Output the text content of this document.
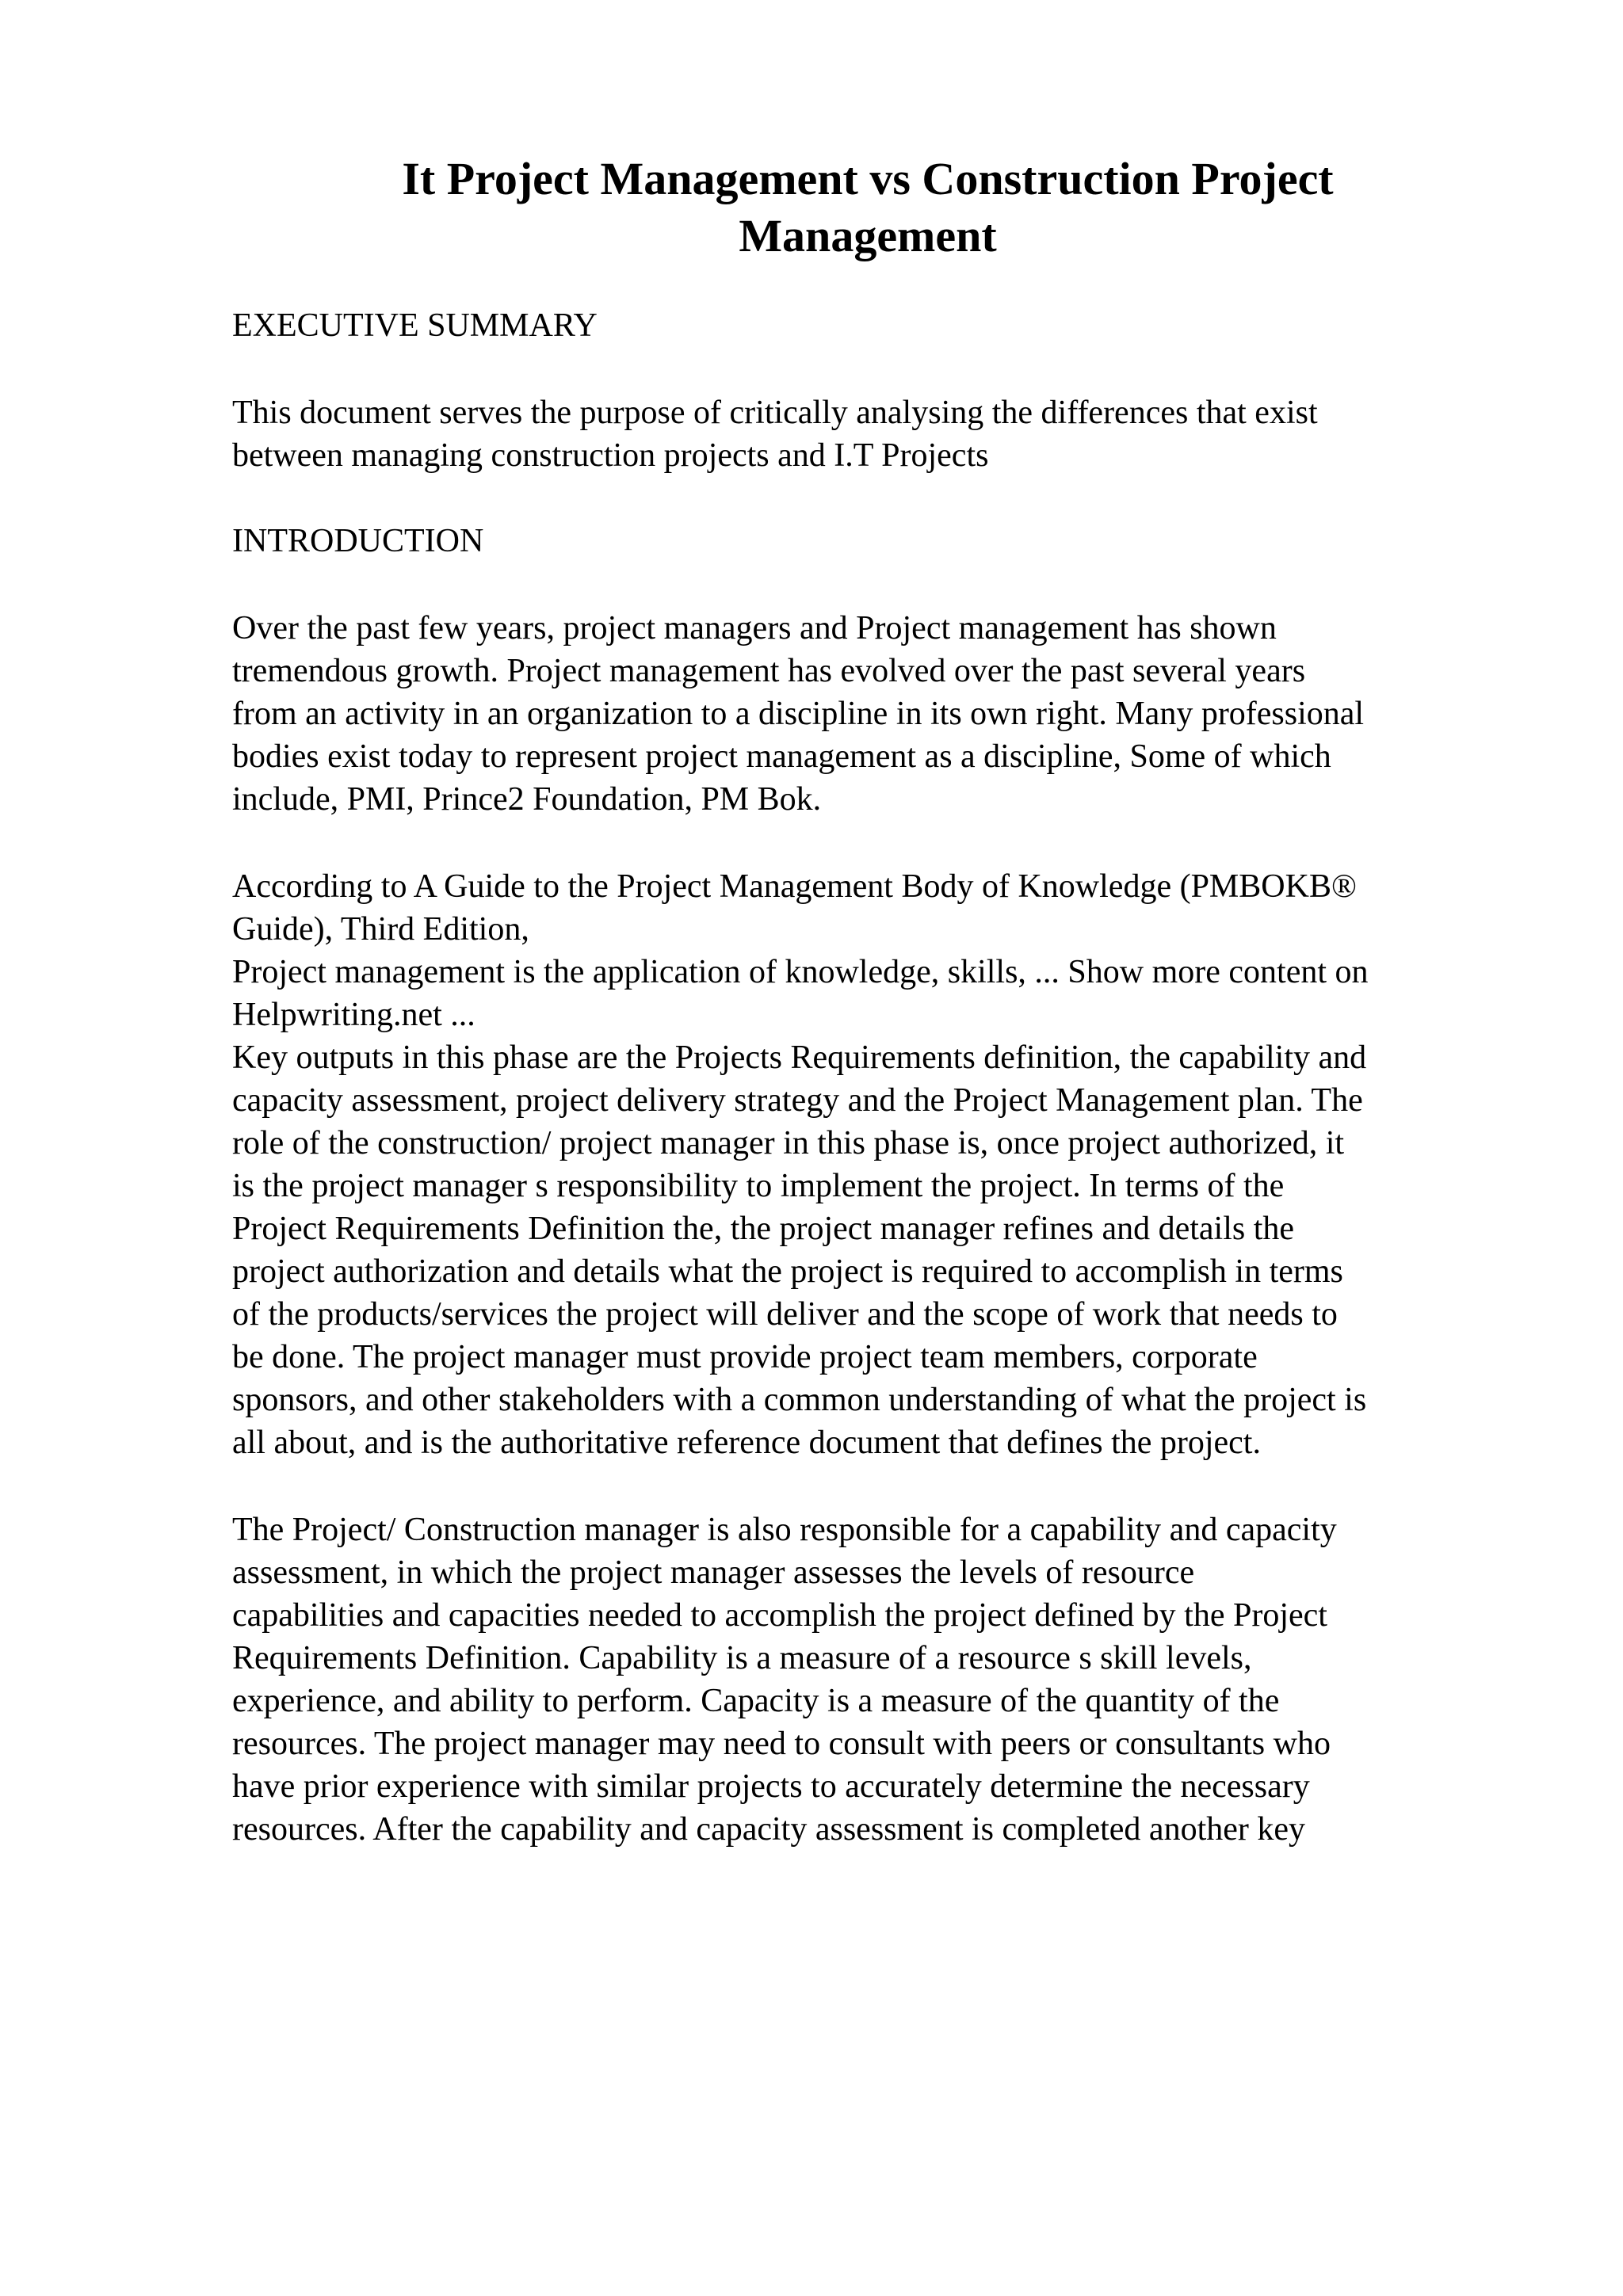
It Project Management vs Construction Project
Management

EXECUTIVE SUMMARY

This document serves the purpose of critically analysing the differences that exist

between managing construction projects and I.T Projects

INTRODUCTION

Over the past few years, project managers and Project management has shown

tremendous growth. Project management has evolved over the past several years

from an activity in an organization to a discipline in its own right. Many professional

bodies exist today to represent project management as a discipline, Some of which

include, PMI, Prince2 Foundation, PM Bok.

According to A Guide to the Project Management Body of Knowledge (PMBOKB®

Guide), Third Edition,

Project management is the application of knowledge, skills, ... Show more content on

Helpwriting.net ...

Key outputs in this phase are the Projects Requirements definition, the capability and

capacity assessment, project delivery strategy and the Project Management plan. The

role of the construction/ project manager in this phase is, once project authorized, it

is the project manager s responsibility to implement the project. In terms of the

Project Requirements Definition the, the project manager refines and details the

project authorization and details what the project is required to accomplish in terms

of the products/services the project will deliver and the scope of work that needs to

be done. The project manager must provide project team members, corporate

sponsors, and other stakeholders with a common understanding of what the project is

all about, and is the authoritative reference document that defines the project.

The Project/ Construction manager is also responsible for a capability and capacity

assessment, in which the project manager assesses the levels of resource

capabilities and capacities needed to accomplish the project defined by the Project

Requirements Definition. Capability is a measure of a resource s skill levels,

experience, and ability to perform. Capacity is a measure of the quantity of the

resources. The project manager may need to consult with peers or consultants who

have prior experience with similar projects to accurately determine the necessary

resources. After the capability and capacity assessment is completed another key
